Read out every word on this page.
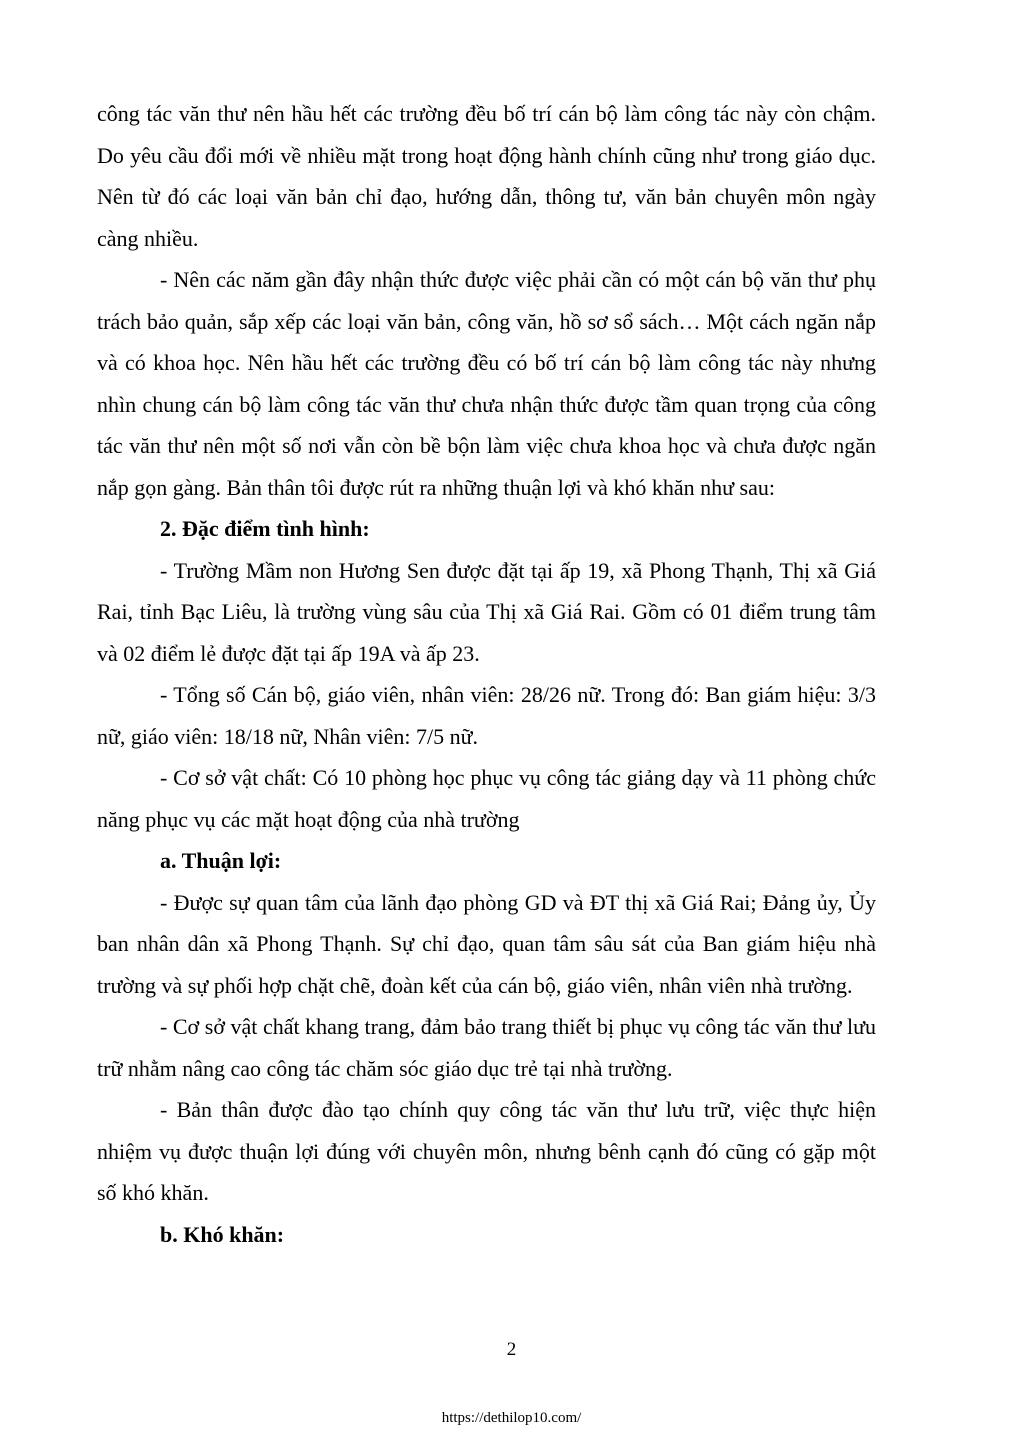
công tác văn thư nên hầu hết các trường đều bố trí cán bộ làm công tác này còn chậm. Do yêu cầu đổi mới về nhiều mặt trong hoạt động hành chính cũng như trong giáo dục. Nên từ đó các loại văn bản chỉ đạo, hướng dẫn, thông tư, văn bản chuyên môn ngày càng nhiều.

- Nên các năm gần đây nhận thức được việc phải cần có một cán bộ văn thư phụ trách bảo quản, sắp xếp các loại văn bản, công văn, hồ sơ sổ sách… Một cách ngăn nắp và có khoa học. Nên hầu hết các trường đều có bố trí cán bộ làm công tác này nhưng nhìn chung cán bộ làm công tác văn thư chưa nhận thức được tầm quan trọng của công tác văn thư nên một số nơi vẫn còn bề bộn làm việc chưa khoa học và chưa được ngăn nắp gọn gàng. Bản thân tôi được rút ra những thuận lợi và khó khăn như sau:

2. Đặc điểm tình hình:

- Trường Mầm non Hương Sen được đặt tại ấp 19, xã Phong Thạnh, Thị xã Giá Rai, tỉnh Bạc Liêu, là trường vùng sâu của Thị xã Giá Rai. Gồm có 01 điểm trung tâm và 02 điểm lẻ được đặt tại ấp 19A và ấp 23.

- Tổng số Cán bộ, giáo viên, nhân viên: 28/26 nữ. Trong đó: Ban giám hiệu: 3/3 nữ, giáo viên: 18/18 nữ, Nhân viên: 7/5 nữ.

- Cơ sở vật chất: Có 10 phòng học phục vụ công tác giảng dạy và 11 phòng chức năng phục vụ các mặt hoạt động của nhà trường

a. Thuận lợi:

- Được sự quan tâm của lãnh đạo phòng GD và ĐT thị xã Giá Rai; Đảng ủy, Ủy ban nhân dân xã Phong Thạnh. Sự chỉ đạo, quan tâm sâu sát của Ban giám hiệu nhà trường và sự phối hợp chặt chẽ, đoàn kết của cán bộ, giáo viên, nhân viên nhà trường.

- Cơ sở vật chất khang trang, đảm bảo trang thiết bị phục vụ công tác văn thư lưu trữ nhằm nâng cao công tác chăm sóc giáo dục trẻ tại nhà trường.

- Bản thân được đào tạo chính quy công tác văn thư lưu trữ, việc thực hiện nhiệm vụ được thuận lợi đúng với chuyên môn, nhưng bênh cạnh đó cũng có gặp một số khó khăn.

b. Khó khăn:

2
https://dethilop10.com/
